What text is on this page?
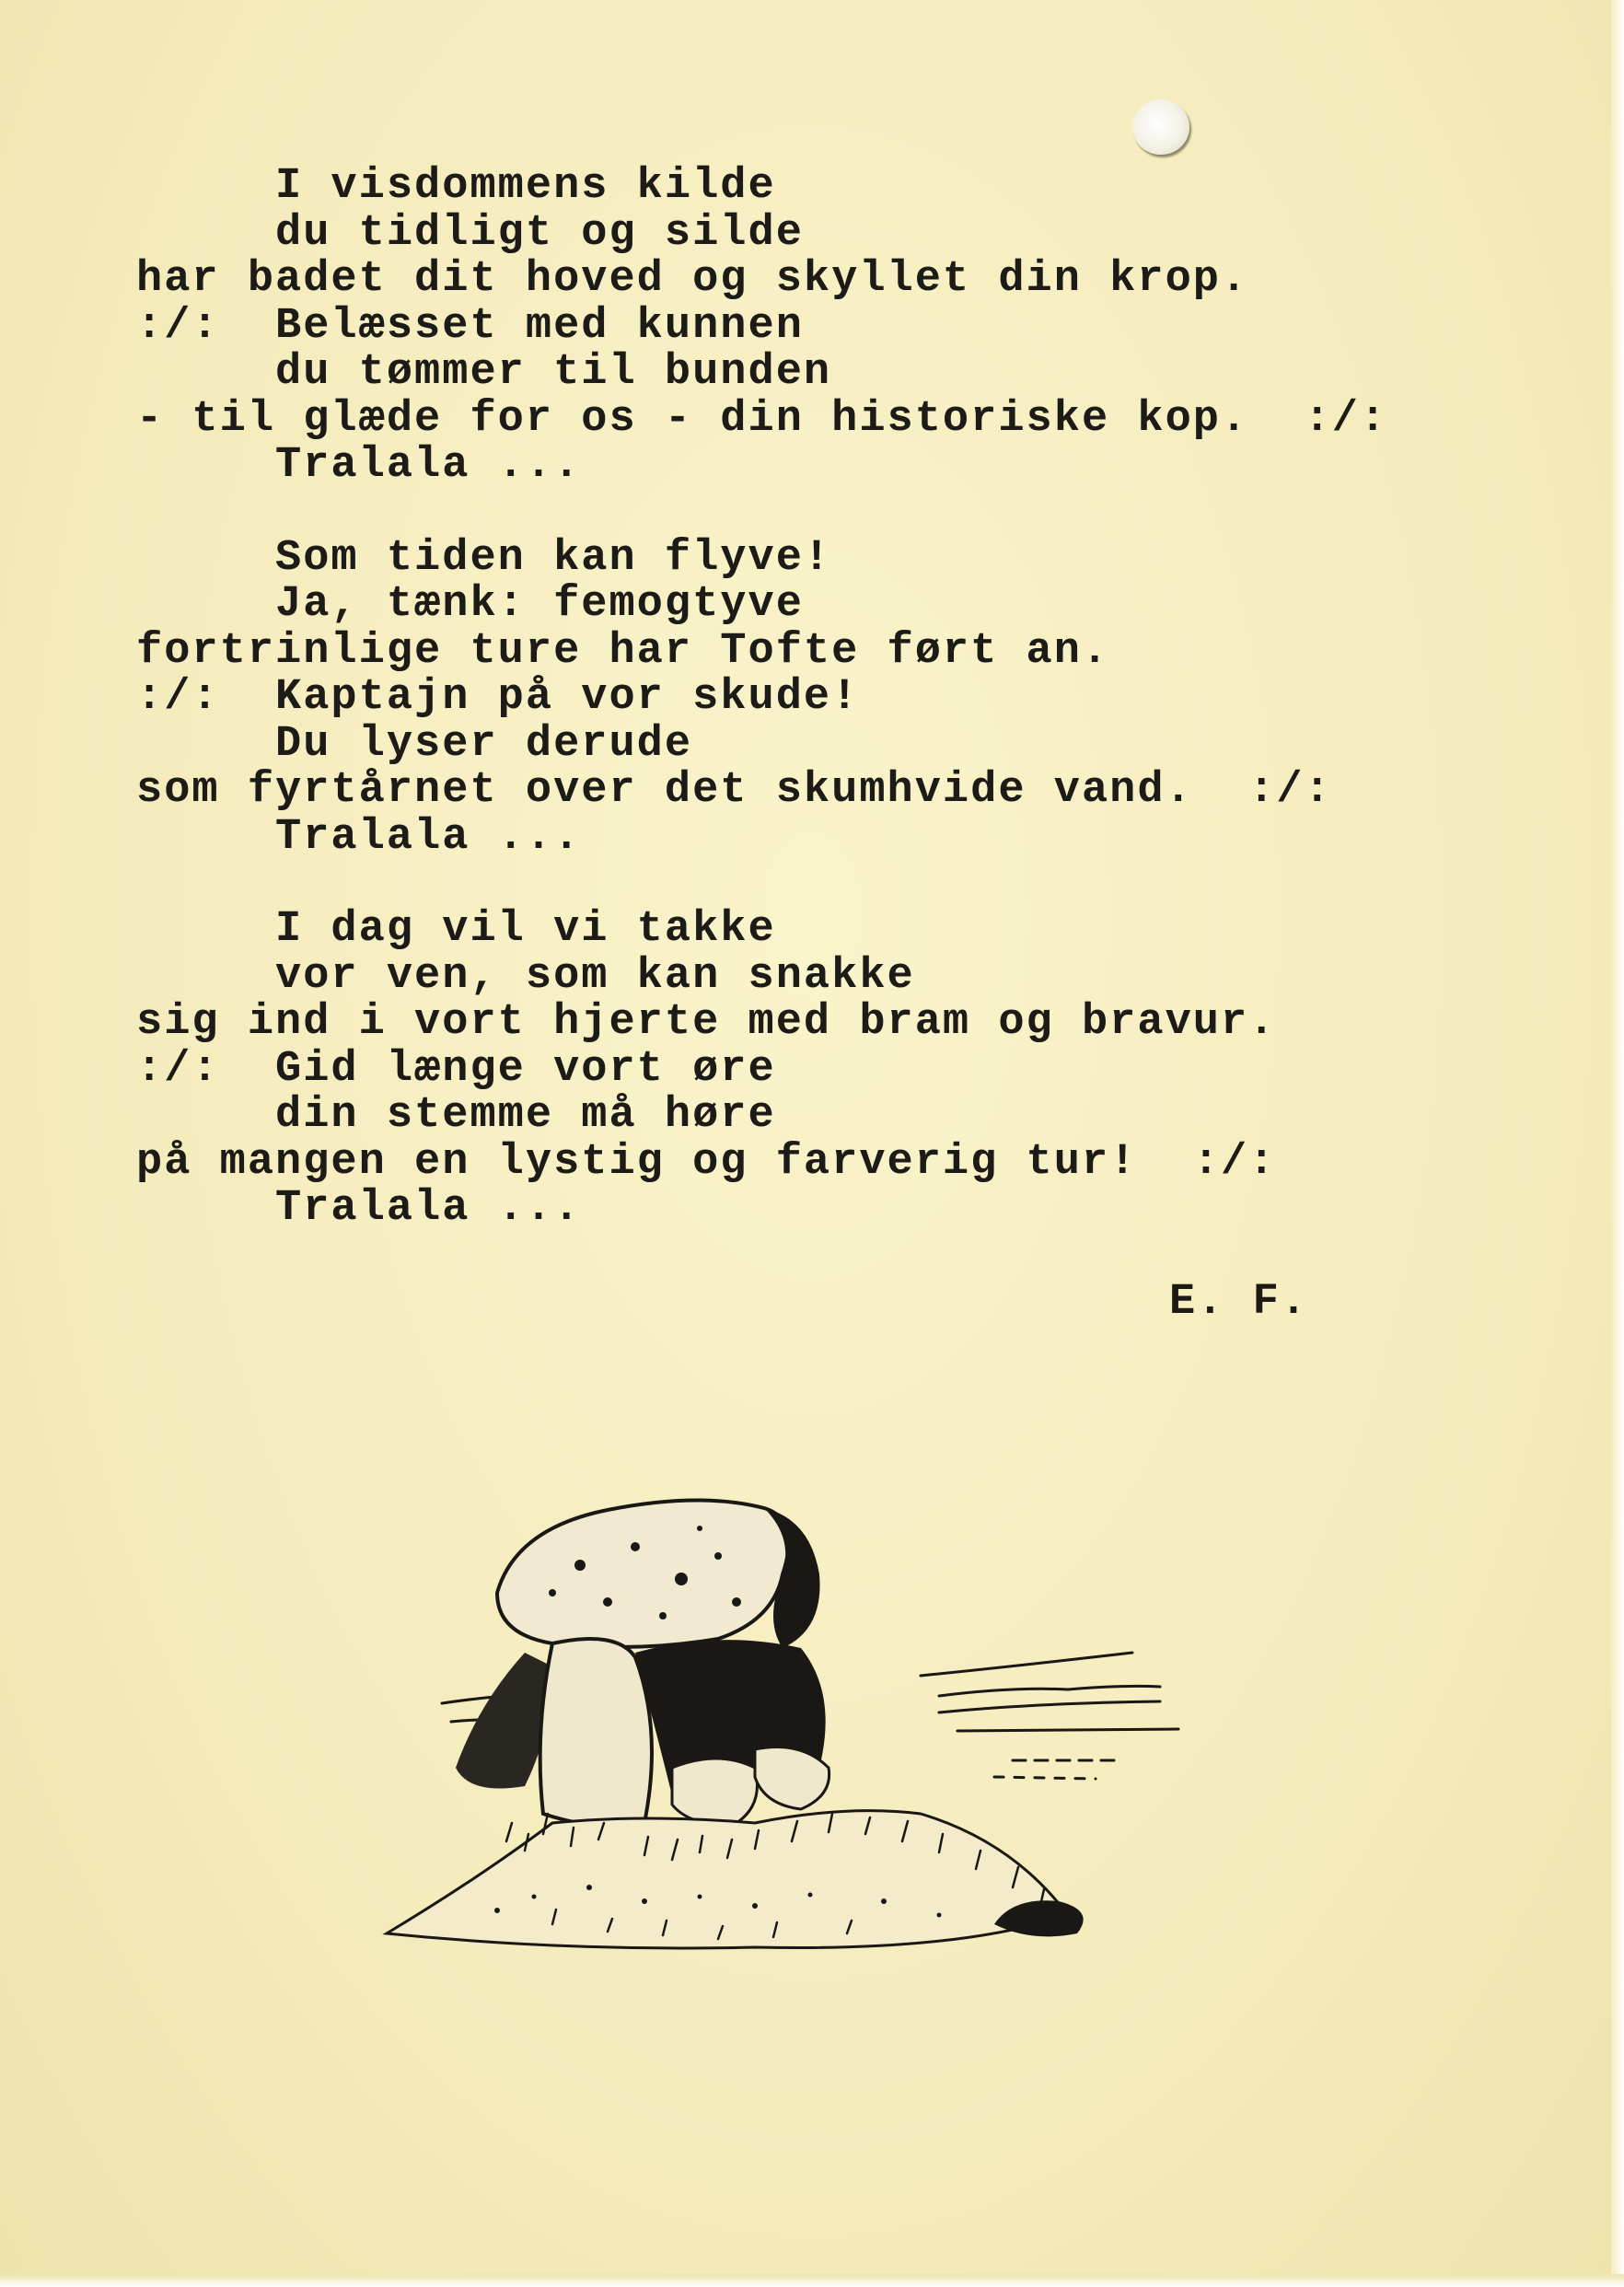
I visdommens kilde
du tidligt og silde
har badet dit hoved og skyllet din krop.
:/:  Belæsset med kunnen
du tømmer til bunden
- til glæde for os - din historiske kop.  :/:
Tralala ...
Som tiden kan flyve!
Ja, tænk: femogtyve
fortrinlige ture har Tofte ført an.
:/:  Kaptajn på vor skude!
Du lyser derude
som fyrtårnet over det skumhvide vand.  :/:
Tralala ...
I dag vil vi takke
vor ven, som kan snakke
sig ind i vort hjerte med bram og bravur.
:/:  Gid længe vort øre
din stemme må høre
på mangen en lystig og farverig tur!  :/:
Tralala ...
E. F.
